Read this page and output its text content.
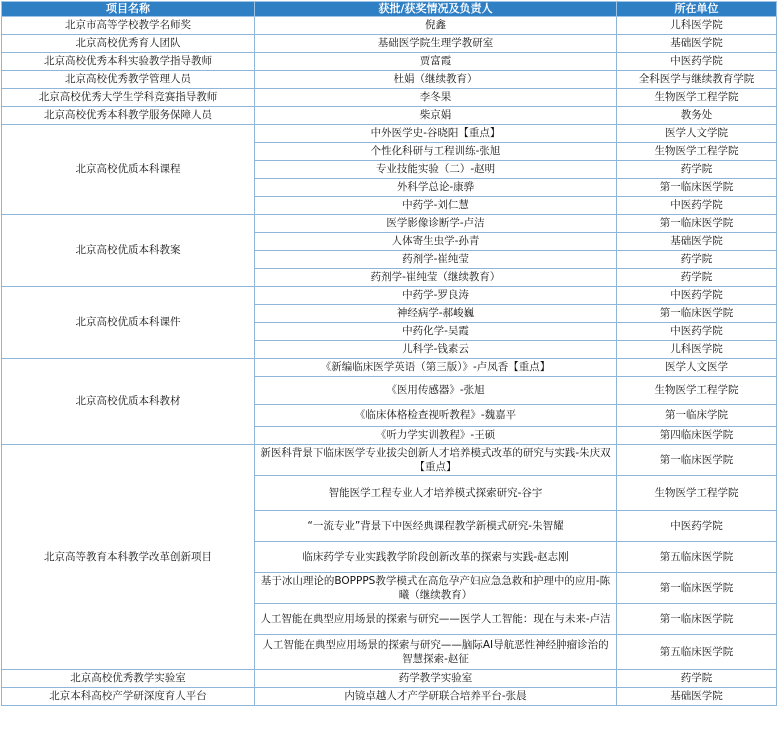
项目名称	获批/获奖情况及负责人	所在单位
北京市高等学校教学名师奖	倪鑫	儿科医学院
北京高校优秀育人团队	基础医学院生理学教研室	基础医学院
北京高校优秀本科实验教学指导教师	贾富霞	中医药学院
北京高校优秀教学管理人员	杜娟（继续教育）	全科医学与继续教育学院
北京高校优秀大学生学科竞赛指导教师	李冬果	生物医学工程学院
北京高校优秀本科教学服务保障人员	柴京娟	教务处
北京高校优质本科课程	中外医学史-谷晓阳【重点】	医学人文学院
	个性化科研与工程训练-张旭	生物医学工程学院
	专业技能实验（二）-赵明	药学院
	外科学总论-康骅	第一临床医学院
	中药学-刘仁慧	中医药学院
北京高校优质本科教案	医学影像诊断学-卢洁	第一临床医学院
	人体寄生虫学-孙青	基础医学院
	药剂学-崔纯莹	药学院
	药剂学-崔纯莹（继续教育）	药学院
北京高校优质本科课件	中药学-罗良涛	中医药学院
	神经病学-郝峻巍	第一临床医学院
	中药化学-吴霞	中医药学院
	儿科学-钱素云	儿科医学院
北京高校优质本科教材	《新编临床医学英语（第三版）》-卢凤香【重点】	医学人文医学
	《医用传感器》-张旭	生物医学工程学院
	《临床体格检查视听教程》-魏嘉平	第一临床学院
	《听力学实训教程》-王硕	第四临床医学院
北京高等教育本科教学改革创新项目	新医科背景下临床医学专业拔尖创新人才培养模式改革的研究与实践-朱庆双【重点】	第一临床医学院
	智能医学工程专业人才培养模式探索研究-谷宇	生物医学工程学院
	“一流专业”背景下中医经典课程教学新模式研究-朱智耀	中医药学院
	临床药学专业实践教学阶段创新改革的探索与实践-赵志刚	第五临床医学院
	基于冰山理论的BOPPPS教学模式在高危孕产妇应急急救和护理中的应用-陈曦（继续教育）	第一临床医学院
	人工智能在典型应用场景的探索与研究——医学人工智能：现在与未来-卢洁	第一临床医学院
	人工智能在典型应用场景的探索与研究——脑际AI导航恶性神经肿瘤诊治的智慧探索-赵征	第五临床医学院
北京高校优秀教学实验室	药学教学实验室	药学院
北京本科高校产学研深度育人平台	内镜卓越人才产学研联合培养平台-张晨	基础医学院
